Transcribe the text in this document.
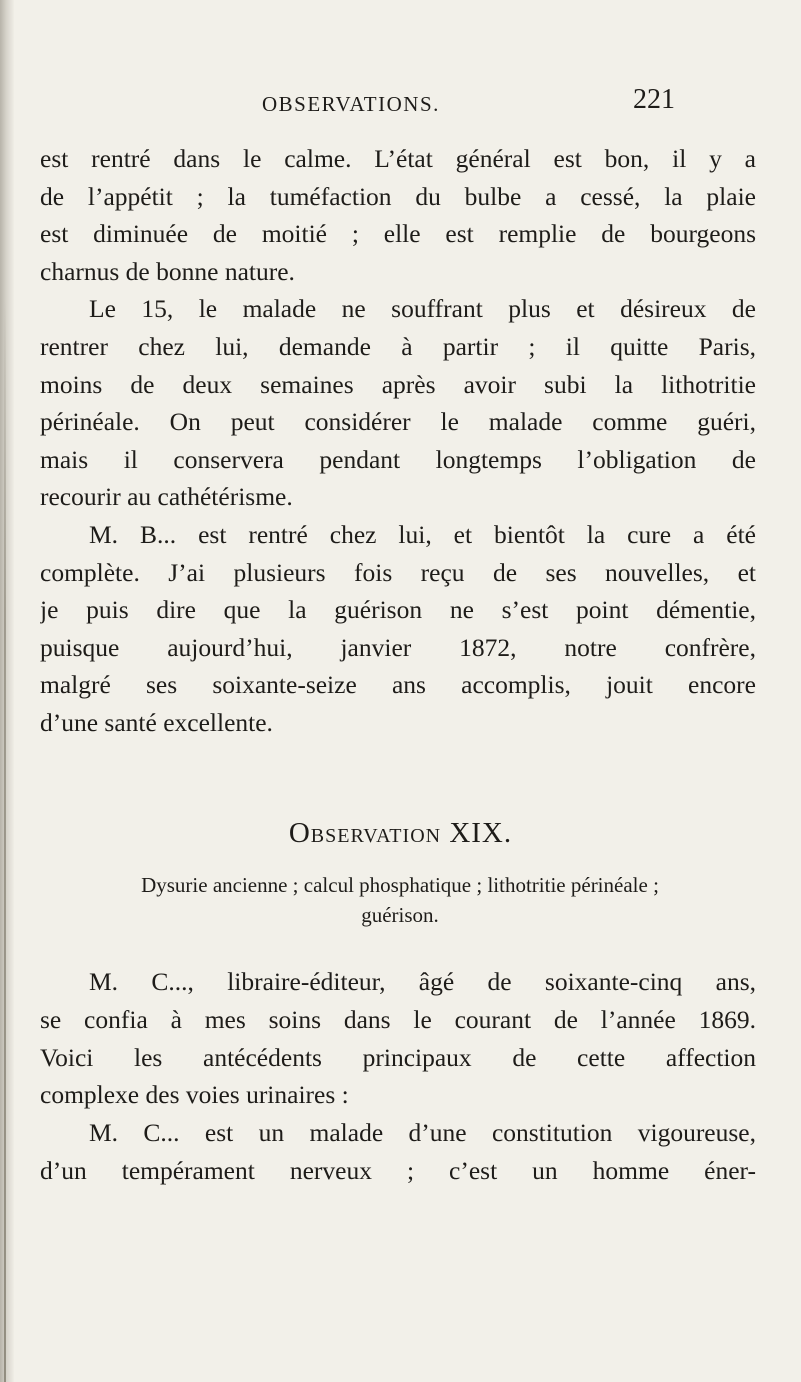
OBSERVATIONS.	221
est rentré dans le calme. L’état général est bon, il y a
de l’appétit ; la tuméfaction du bulbe a cessé, la plaie
est diminuée de moitié ; elle est remplie de bourgeons
charnus de bonne nature.
Le 15, le malade ne souffrant plus et désireux de
rentrer chez lui, demande à partir ; il quitte Paris,
moins de deux semaines après avoir subi la lithotritie
périnéale. On peut considérer le malade comme guéri,
mais il conservera pendant longtemps l’obligation de
recourir au cathétérisme.
M. B... est rentré chez lui, et bientôt la cure a été
complète. J’ai plusieurs fois reçu de ses nouvelles, et
je puis dire que la guérison ne s’est point démentie,
puisque aujourd’hui, janvier 1872, notre confrère,
malgré ses soixante-seize ans accomplis, jouit encore
d’une santé excellente.
Observation XIX.
Dysurie ancienne ; calcul phosphatique ; lithotritie périnéale ;
guérison.
M. C..., libraire-éditeur, âgé de soixante-cinq ans,
se confia à mes soins dans le courant de l’année 1869.
Voici les antécédents principaux de cette affection
complexe des voies urinaires :
M. C... est un malade d’une constitution vigoureuse,
d’un tempérament nerveux ; c’est un homme éner-
